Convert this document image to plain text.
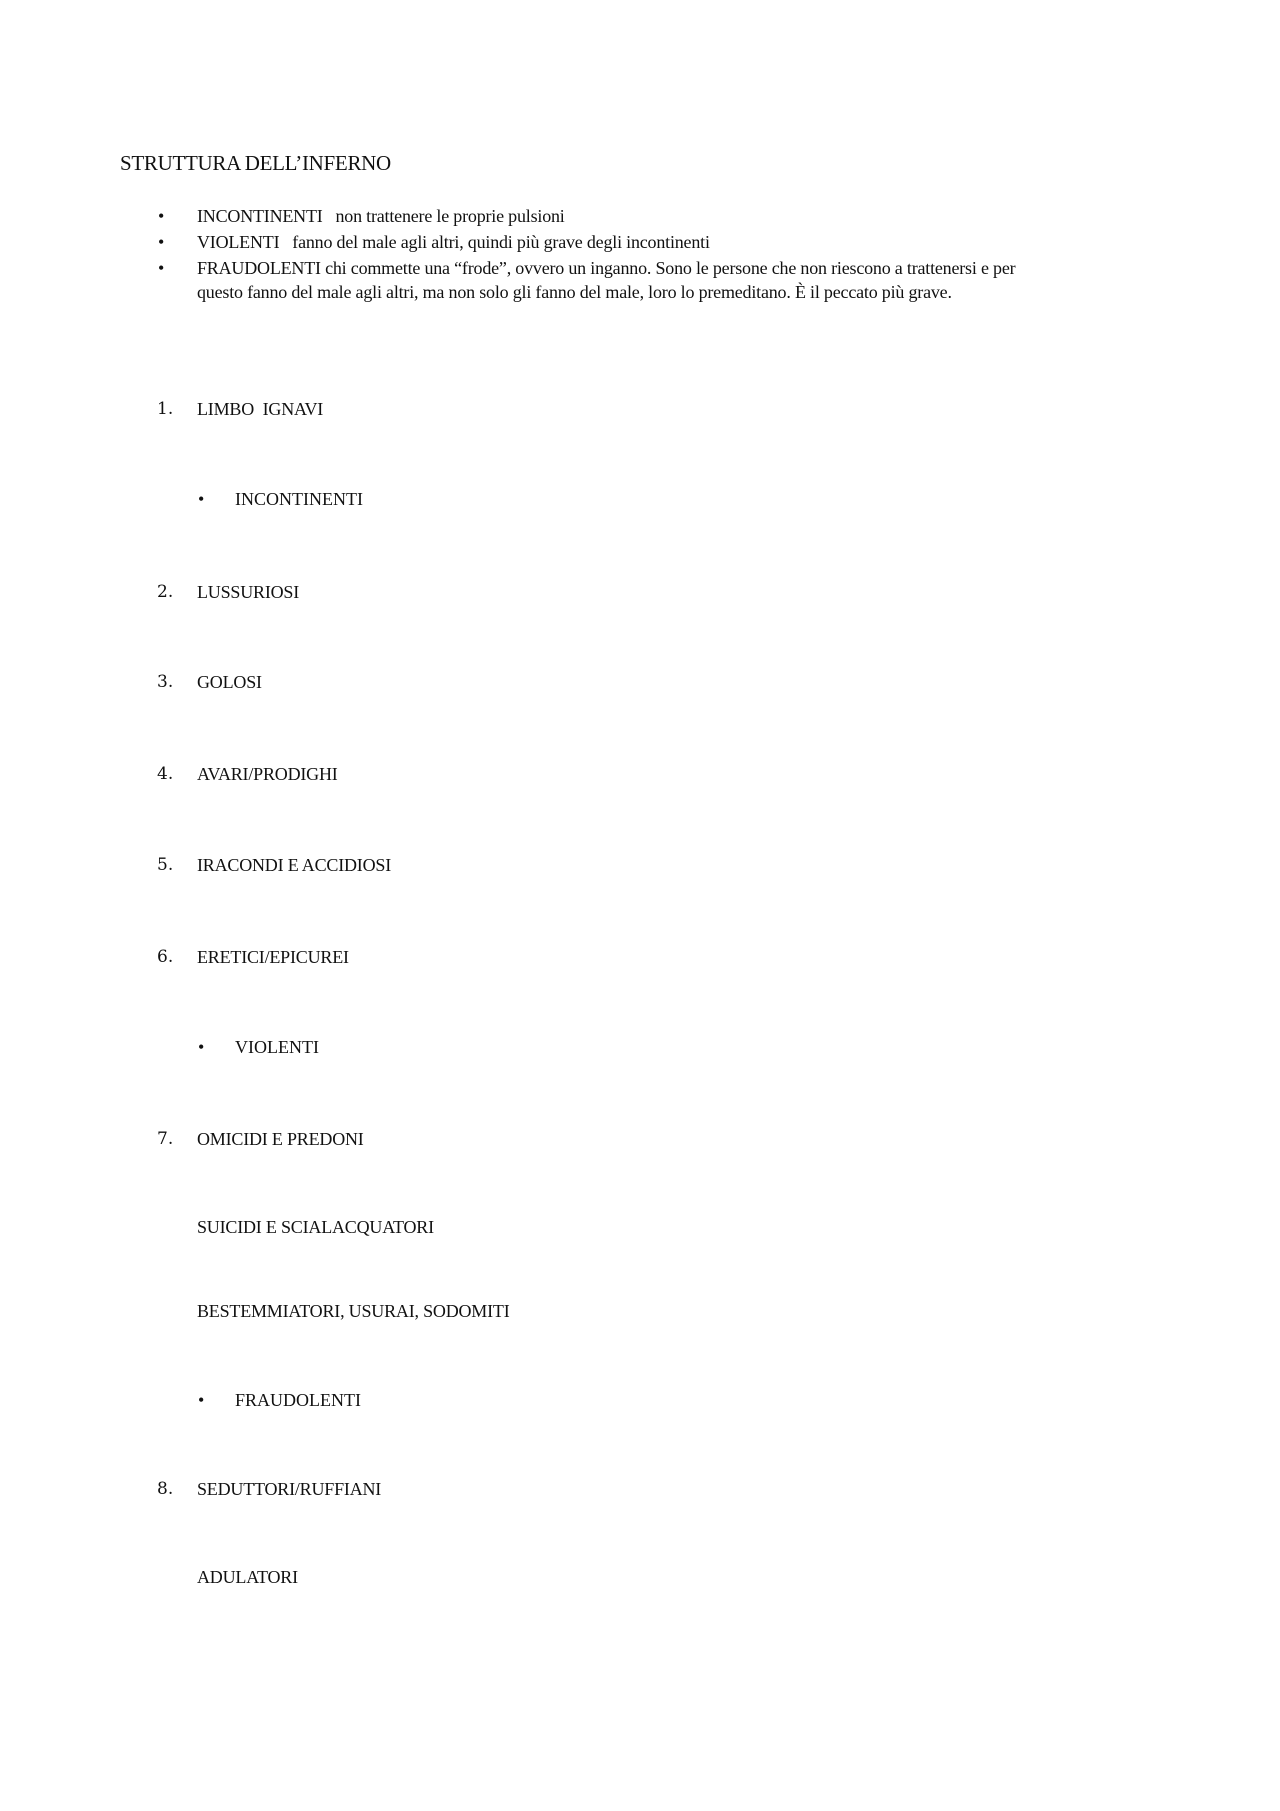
STRUTTURA DELL’INFERNO
• INCONTINENTI   non trattenere le proprie pulsioni
• VIOLENTI   fanno del male agli altri, quindi più grave degli incontinenti
• FRAUDOLENTI chi commette una “frode”, ovvero un inganno. Sono le persone che non riescono a trattenersi e per
questo fanno del male agli altri, ma non solo gli fanno del male, loro lo premeditano. È il peccato più grave.
1. LIMBO  IGNAVI
• INCONTINENTI
2. LUSSURIOSI
3. GOLOSI
4. AVARI/PRODIGHI
5. IRACONDI E ACCIDIOSI
6. ERETICI/EPICUREI
• VIOLENTI
7. OMICIDI E PREDONI
SUICIDI E SCIALACQUATORI
BESTEMMIATORI, USURAI, SODOMITI
• FRAUDOLENTI
8. SEDUTTORI/RUFFIANI
ADULATORI
